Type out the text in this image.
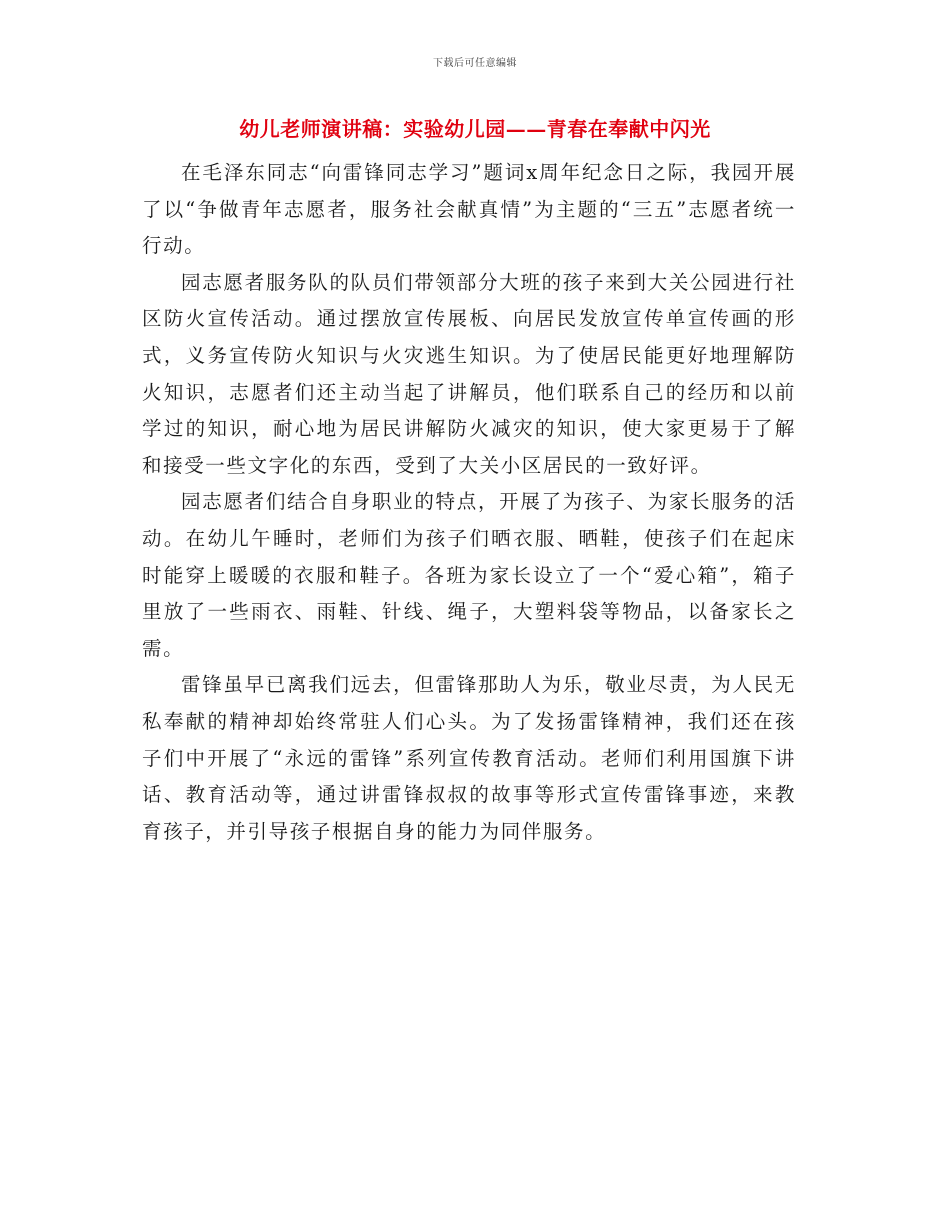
下载后可任意编辑
幼儿老师演讲稿：实验幼儿园——青春在奉献中闪光

在毛泽东同志“向雷锋同志学习”题词x周年纪念日之际，我园开展了以“争做青年志愿者，服务社会献真情”为主题的“三五”志愿者统一行动。

园志愿者服务队的队员们带领部分大班的孩子来到大关公园进行社区防火宣传活动。通过摆放宣传展板、向居民发放宣传单宣传画的形式，义务宣传防火知识与火灾逃生知识。为了使居民能更好地理解防火知识，志愿者们还主动当起了讲解员，他们联系自己的经历和以前学过的知识，耐心地为居民讲解防火减灾的知识，使大家更易于了解和接受一些文字化的东西，受到了大关小区居民的一致好评。

园志愿者们结合自身职业的特点，开展了为孩子、为家长服务的活动。在幼儿午睡时，老师们为孩子们晒衣服、晒鞋，使孩子们在起床时能穿上暖暖的衣服和鞋子。各班为家长设立了一个“爱心箱”，箱子里放了一些雨衣、雨鞋、针线、绳子，大塑料袋等物品，以备家长之需。

雷锋虽早已离我们远去，但雷锋那助人为乐，敬业尽责，为人民无私奉献的精神却始终常驻人们心头。为了发扬雷锋精神，我们还在孩子们中开展了“永远的雷锋”系列宣传教育活动。老师们利用国旗下讲话、教育活动等，通过讲雷锋叔叔的故事等形式宣传雷锋事迹，来教育孩子，并引导孩子根据自身的能力为同伴服务。
